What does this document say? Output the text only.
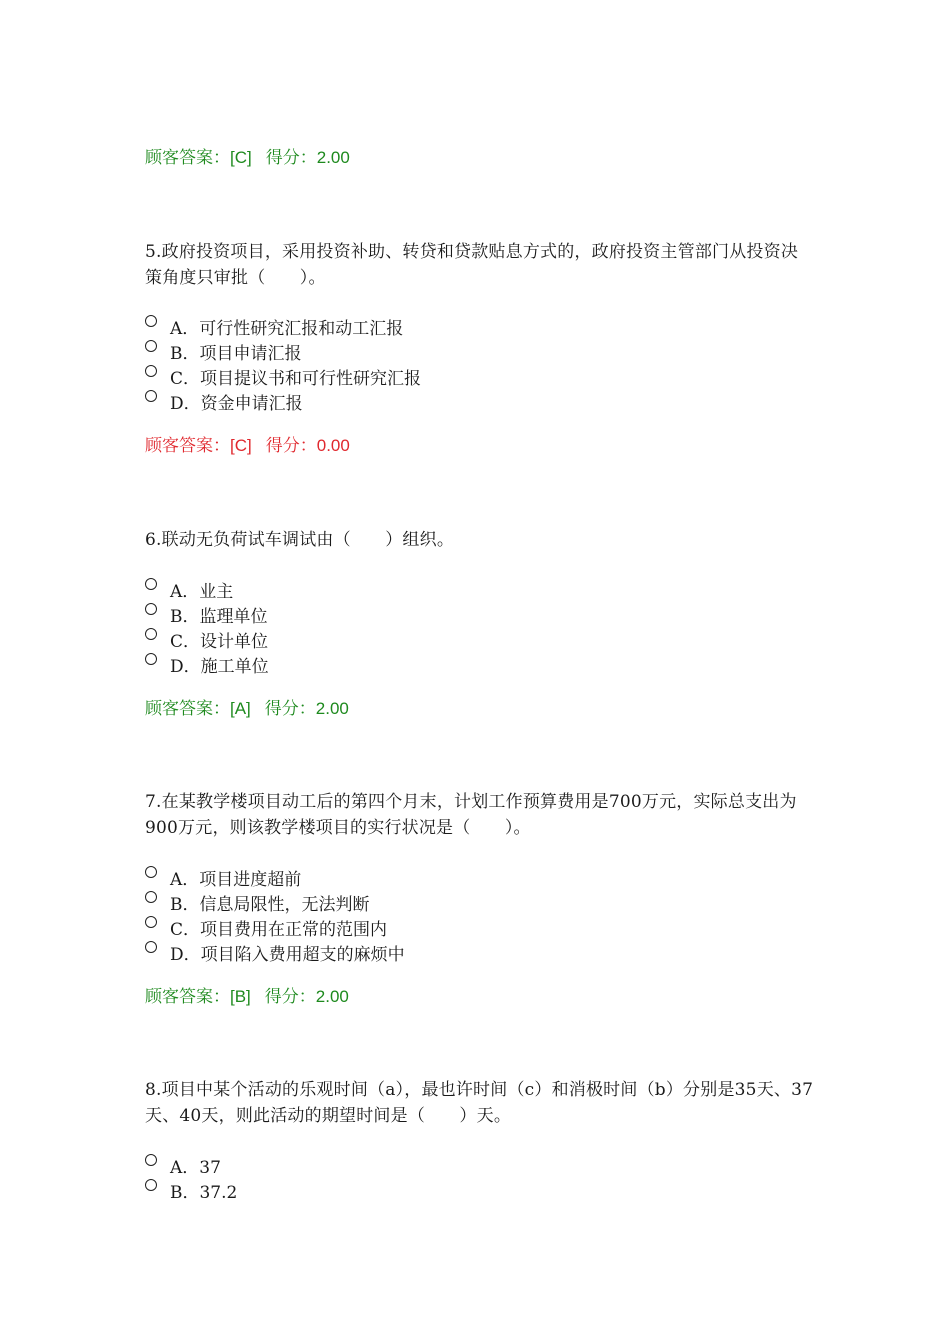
顾客答案：[C] 得分：2.00
5.政府投资项目，采用投资补助、转贷和贷款贴息方式的，政府投资主管部门从投资决策角度只审批（　　）。
A．可行性研究汇报和动工汇报
B．项目申请汇报
C．项目提议书和可行性研究汇报
D．资金申请汇报
顾客答案：[C] 得分：0.00
6.联动无负荷试车调试由（　　）组织。
A．业主
B．监理单位
C．设计单位
D．施工单位
顾客答案：[A] 得分：2.00
7.在某教学楼项目动工后的第四个月末，计划工作预算费用是700万元，实际总支出为900万元，则该教学楼项目的实行状况是（　　）。
A．项目进度超前
B．信息局限性，无法判断
C．项目费用在正常的范围内
D．项目陷入费用超支的麻烦中
顾客答案：[B] 得分：2.00
8.项目中某个活动的乐观时间（a），最也许时间（c）和消极时间（b）分别是35天、37天、40天，则此活动的期望时间是（　　）天。
A．37
B．37.2
